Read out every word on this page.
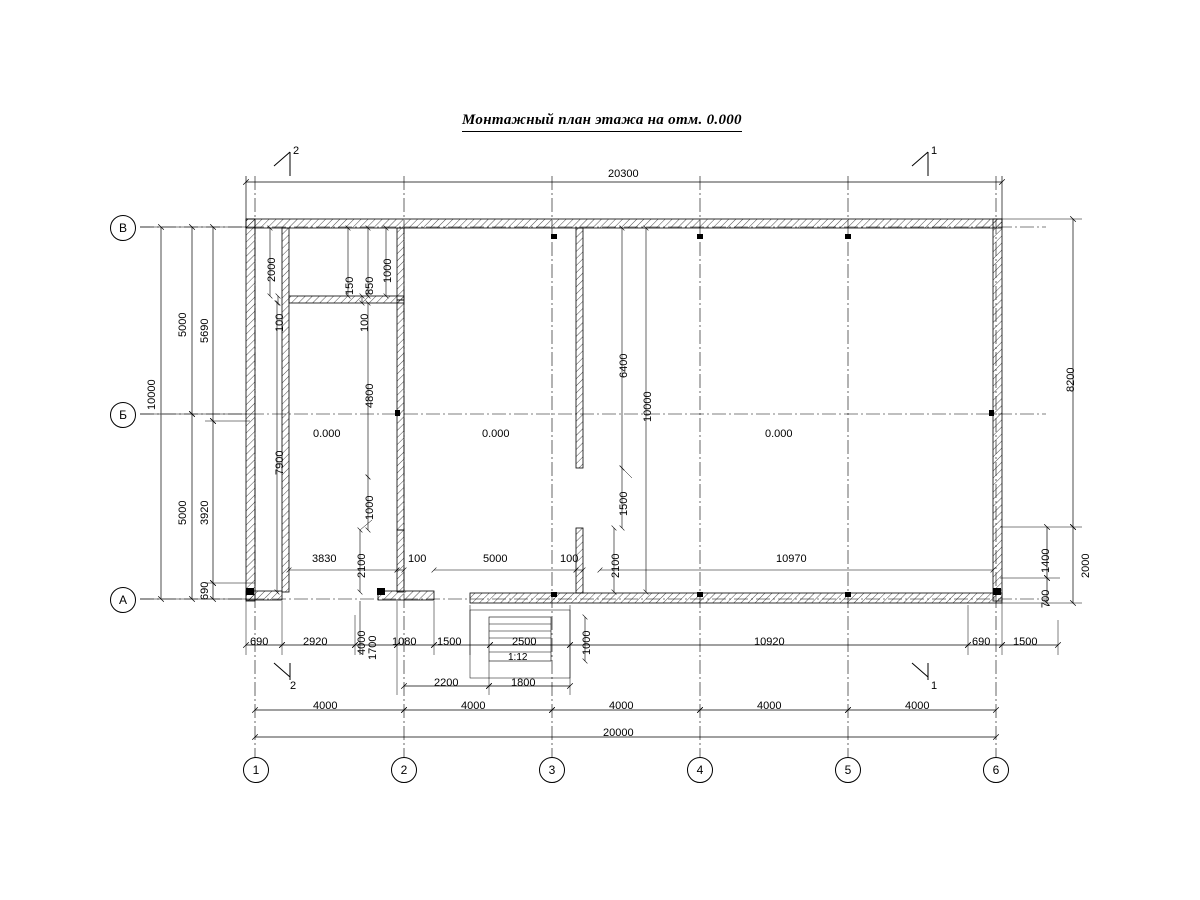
Монтажный план этажа на отм. 0.000
В
Б
А
1	2	3	4	5	6
2	1
2	1
0.000	0.000	0.000
20300
10000
5000
5000
5690
3920
690
8200
2000
1400
700
2000
150 850
1000
100	100
4800
1000
7900
6400
10000
1500
2100
2100
1000
4000
3830	100	5000	100	10970
690	2920	1700 1080 1500	2500	10920	690 1500
1:12
2200	1800
4000	4000	4000	4000	4000
20000
